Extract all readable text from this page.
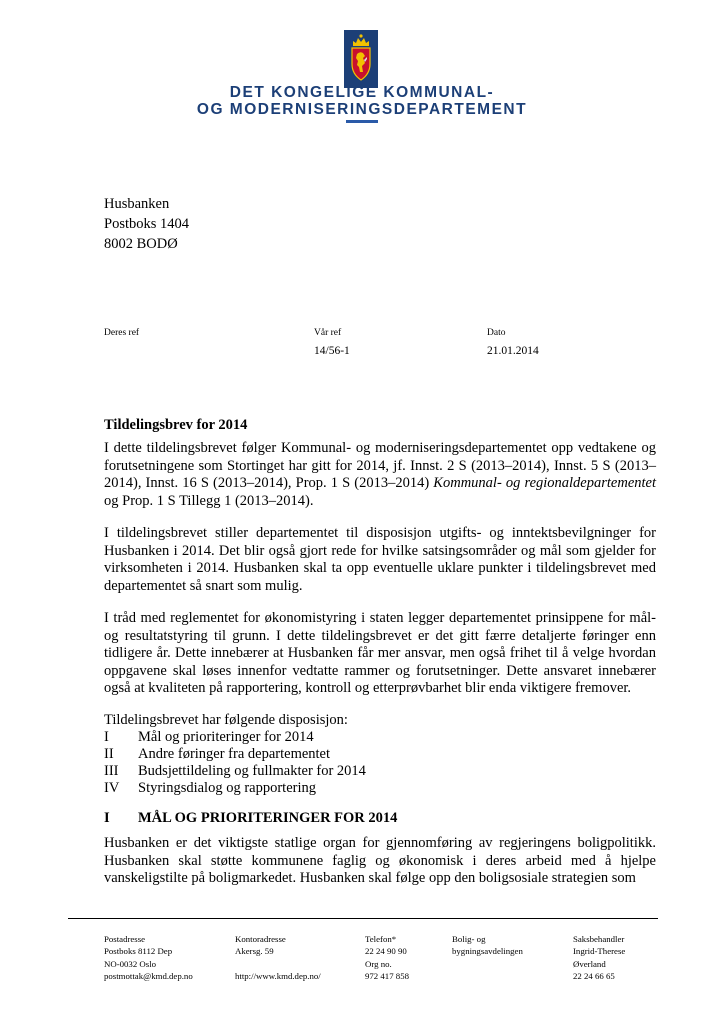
DET KONGELIGE KOMMUNAL-
OG MODERNISERINGSDEPARTEMENT
Husbanken
Postboks 1404
8002 BODØ
Deres ref	Vår ref
14/56-1
Dato
21.01.2014
Tildelingsbrev for 2014

I dette tildelingsbrevet følger Kommunal- og moderniseringsdepartementet opp vedtakene og forutsetningene som Stortinget har gitt for 2014, jf. Innst. 2 S (2013–2014), Innst. 5 S (2013–2014), Innst. 16 S (2013–2014), Prop. 1 S (2013–2014) Kommunal- og regionaldepartementet og Prop. 1 S Tillegg 1 (2013–2014).

I tildelingsbrevet stiller departementet til disposisjon utgifts- og inntektsbevilgninger for Husbanken i 2014. Det blir også gjort rede for hvilke satsingsområder og mål som gjelder for virksomheten i 2014. Husbanken skal ta opp eventuelle uklare punkter i tildelingsbrevet med departementet så snart som mulig.

I tråd med reglementet for økonomistyring i staten legger departementet prinsippene for mål- og resultatstyring til grunn. I dette tildelingsbrevet er det gitt færre detaljerte føringer enn tidligere år. Dette innebærer at Husbanken får mer ansvar, men også frihet til å velge hvordan oppgavene skal løses innenfor vedtatte rammer og forutsetninger. Dette ansvaret innebærer også at kvaliteten på rapportering, kontroll og etterprøvbarhet blir enda viktigere fremover.

Tildelingsbrevet har følgende disposisjon:
I Mål og prioriteringer for 2014
II Andre føringer fra departementet
III Budsjettildeling og fullmakter for 2014
IV Styringsdialog og rapportering
I MÅL OG PRIORITERINGER FOR 2014

Husbanken er det viktigste statlige organ for gjennomføring av regjeringens boligpolitikk. Husbanken skal støtte kommunene faglig og økonomisk i deres arbeid med å hjelpe vanskeligstilte på boligmarkedet. Husbanken skal følge opp den boligsosiale strategien som

Postadresse
Postboks 8112 Dep
NO-0032 Oslo
postmottak@kmd.dep.no
Kontoradresse
Akersg. 59

http://www.kmd.dep.no/
Telefon*
22 24 90 90
Org no.
972 417 858
Bolig- og
bygningsavdelingen
Saksbehandler
Ingrid-Therese
Øverland
22 24 66 65
